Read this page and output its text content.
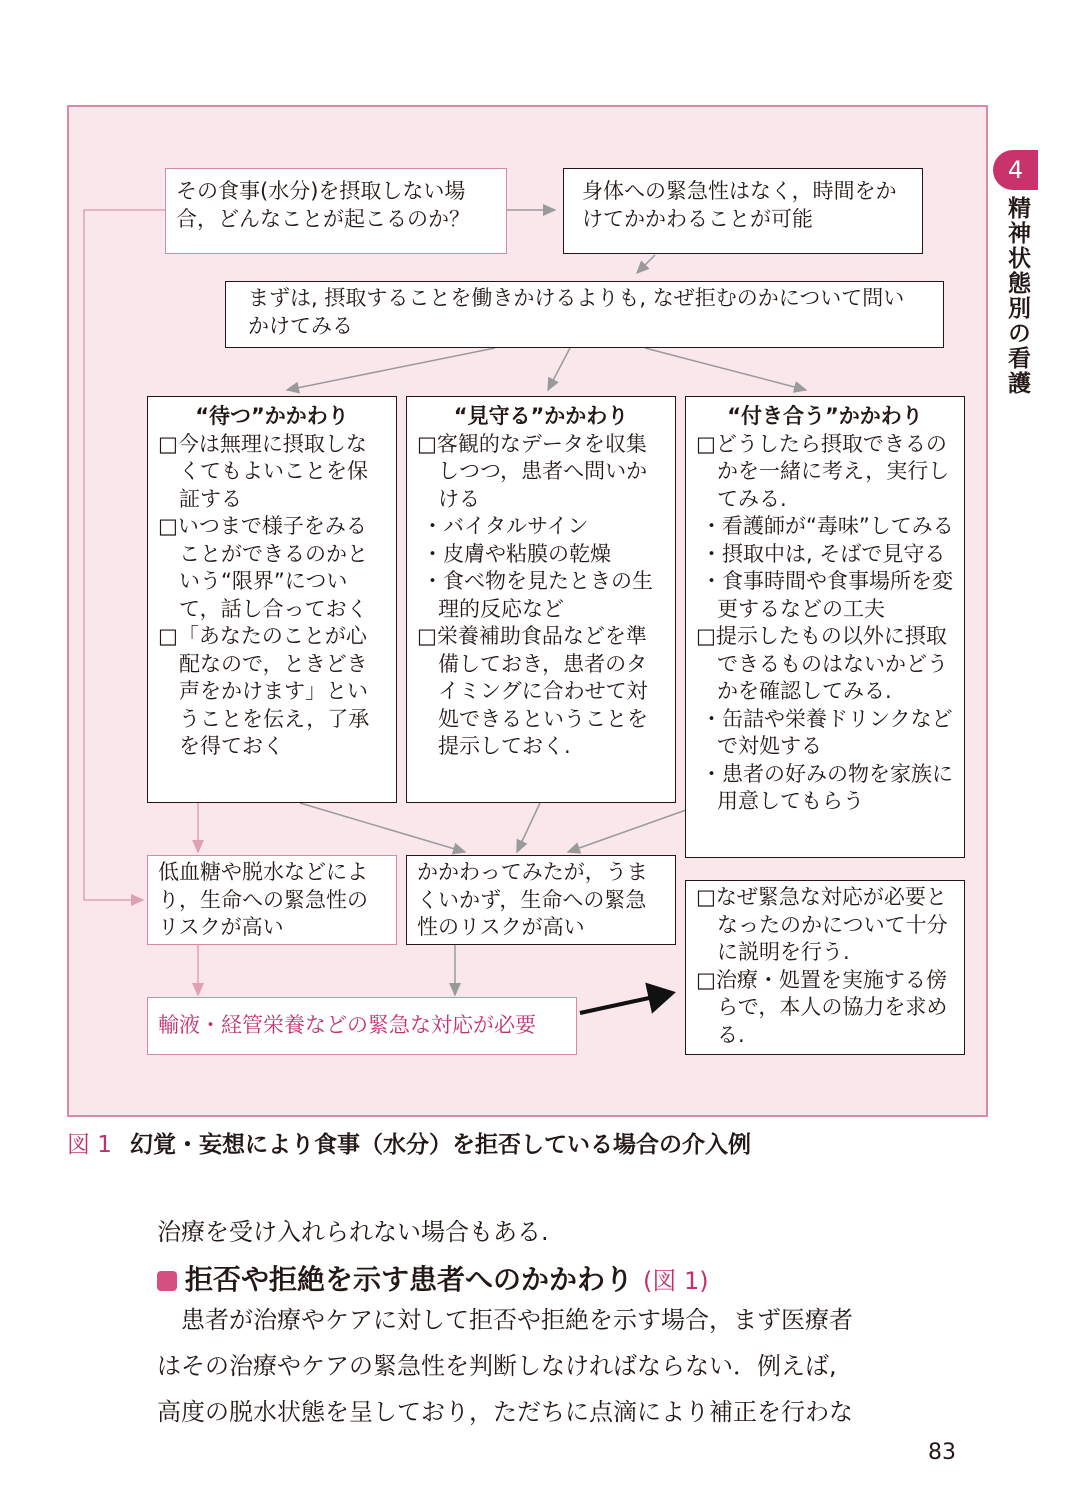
その食事(水分)を摂取しない場合，どんなことが起こるのか？
身体への緊急性はなく，時間をかけてかかわることが可能
まずは, 摂取することを働きかけるよりも, なぜ拒むのかについて問いかけてみる
“待つ”かかわり
□今は無理に摂取しなくてもよいことを保証する
□いつまで様子をみることができるのかという“限界”について，話し合っておく
□「あなたのことが心配なので，ときどき声をかけます」ということを伝え，了承を得ておく
“見守る”かかわり
□客観的なデータを収集しつつ，患者へ問いかける
・バイタルサイン
・皮膚や粘膜の乾燥
・食べ物を見たときの生理的反応など
□栄養補助食品などを準備しておき，患者のタイミングに合わせて対処できるということを提示しておく.
“付き合う”かかわり
□どうしたら摂取できるのかを一緒に考え，実行してみる.
・看護師が“毒味”してみる
・摂取中は, そばで見守る
・食事時間や食事場所を変更するなどの工夫
□提示したもの以外に摂取できるものはないかどうかを確認してみる.
・缶詰や栄養ドリンクなどで対処する
・患者の好みの物を家族に用意してもらう
低血糖や脱水などにより，生命への緊急性のリスクが高い
かかわってみたが，うまくいかず，生命への緊急性のリスクが高い
輸液・経管栄養などの緊急な対応が必要
□なぜ緊急な対応が必要となったのかについて十分に説明を行う.
□治療・処置を実施する傍らで，本人の協力を求める.
4
精神状態別の看護
図 1 幻覚・妄想により食事（水分）を拒否している場合の介入例
治療を受け入れられない場合もある.
拒否や拒絶を示す患者へのかかわり (図 1)
　患者が治療やケアに対して拒否や拒絶を示す場合，まず医療者
はその治療やケアの緊急性を判断しなければならない．例えば,
高度の脱水状態を呈しており，ただちに点滴により補正を行わな
83
